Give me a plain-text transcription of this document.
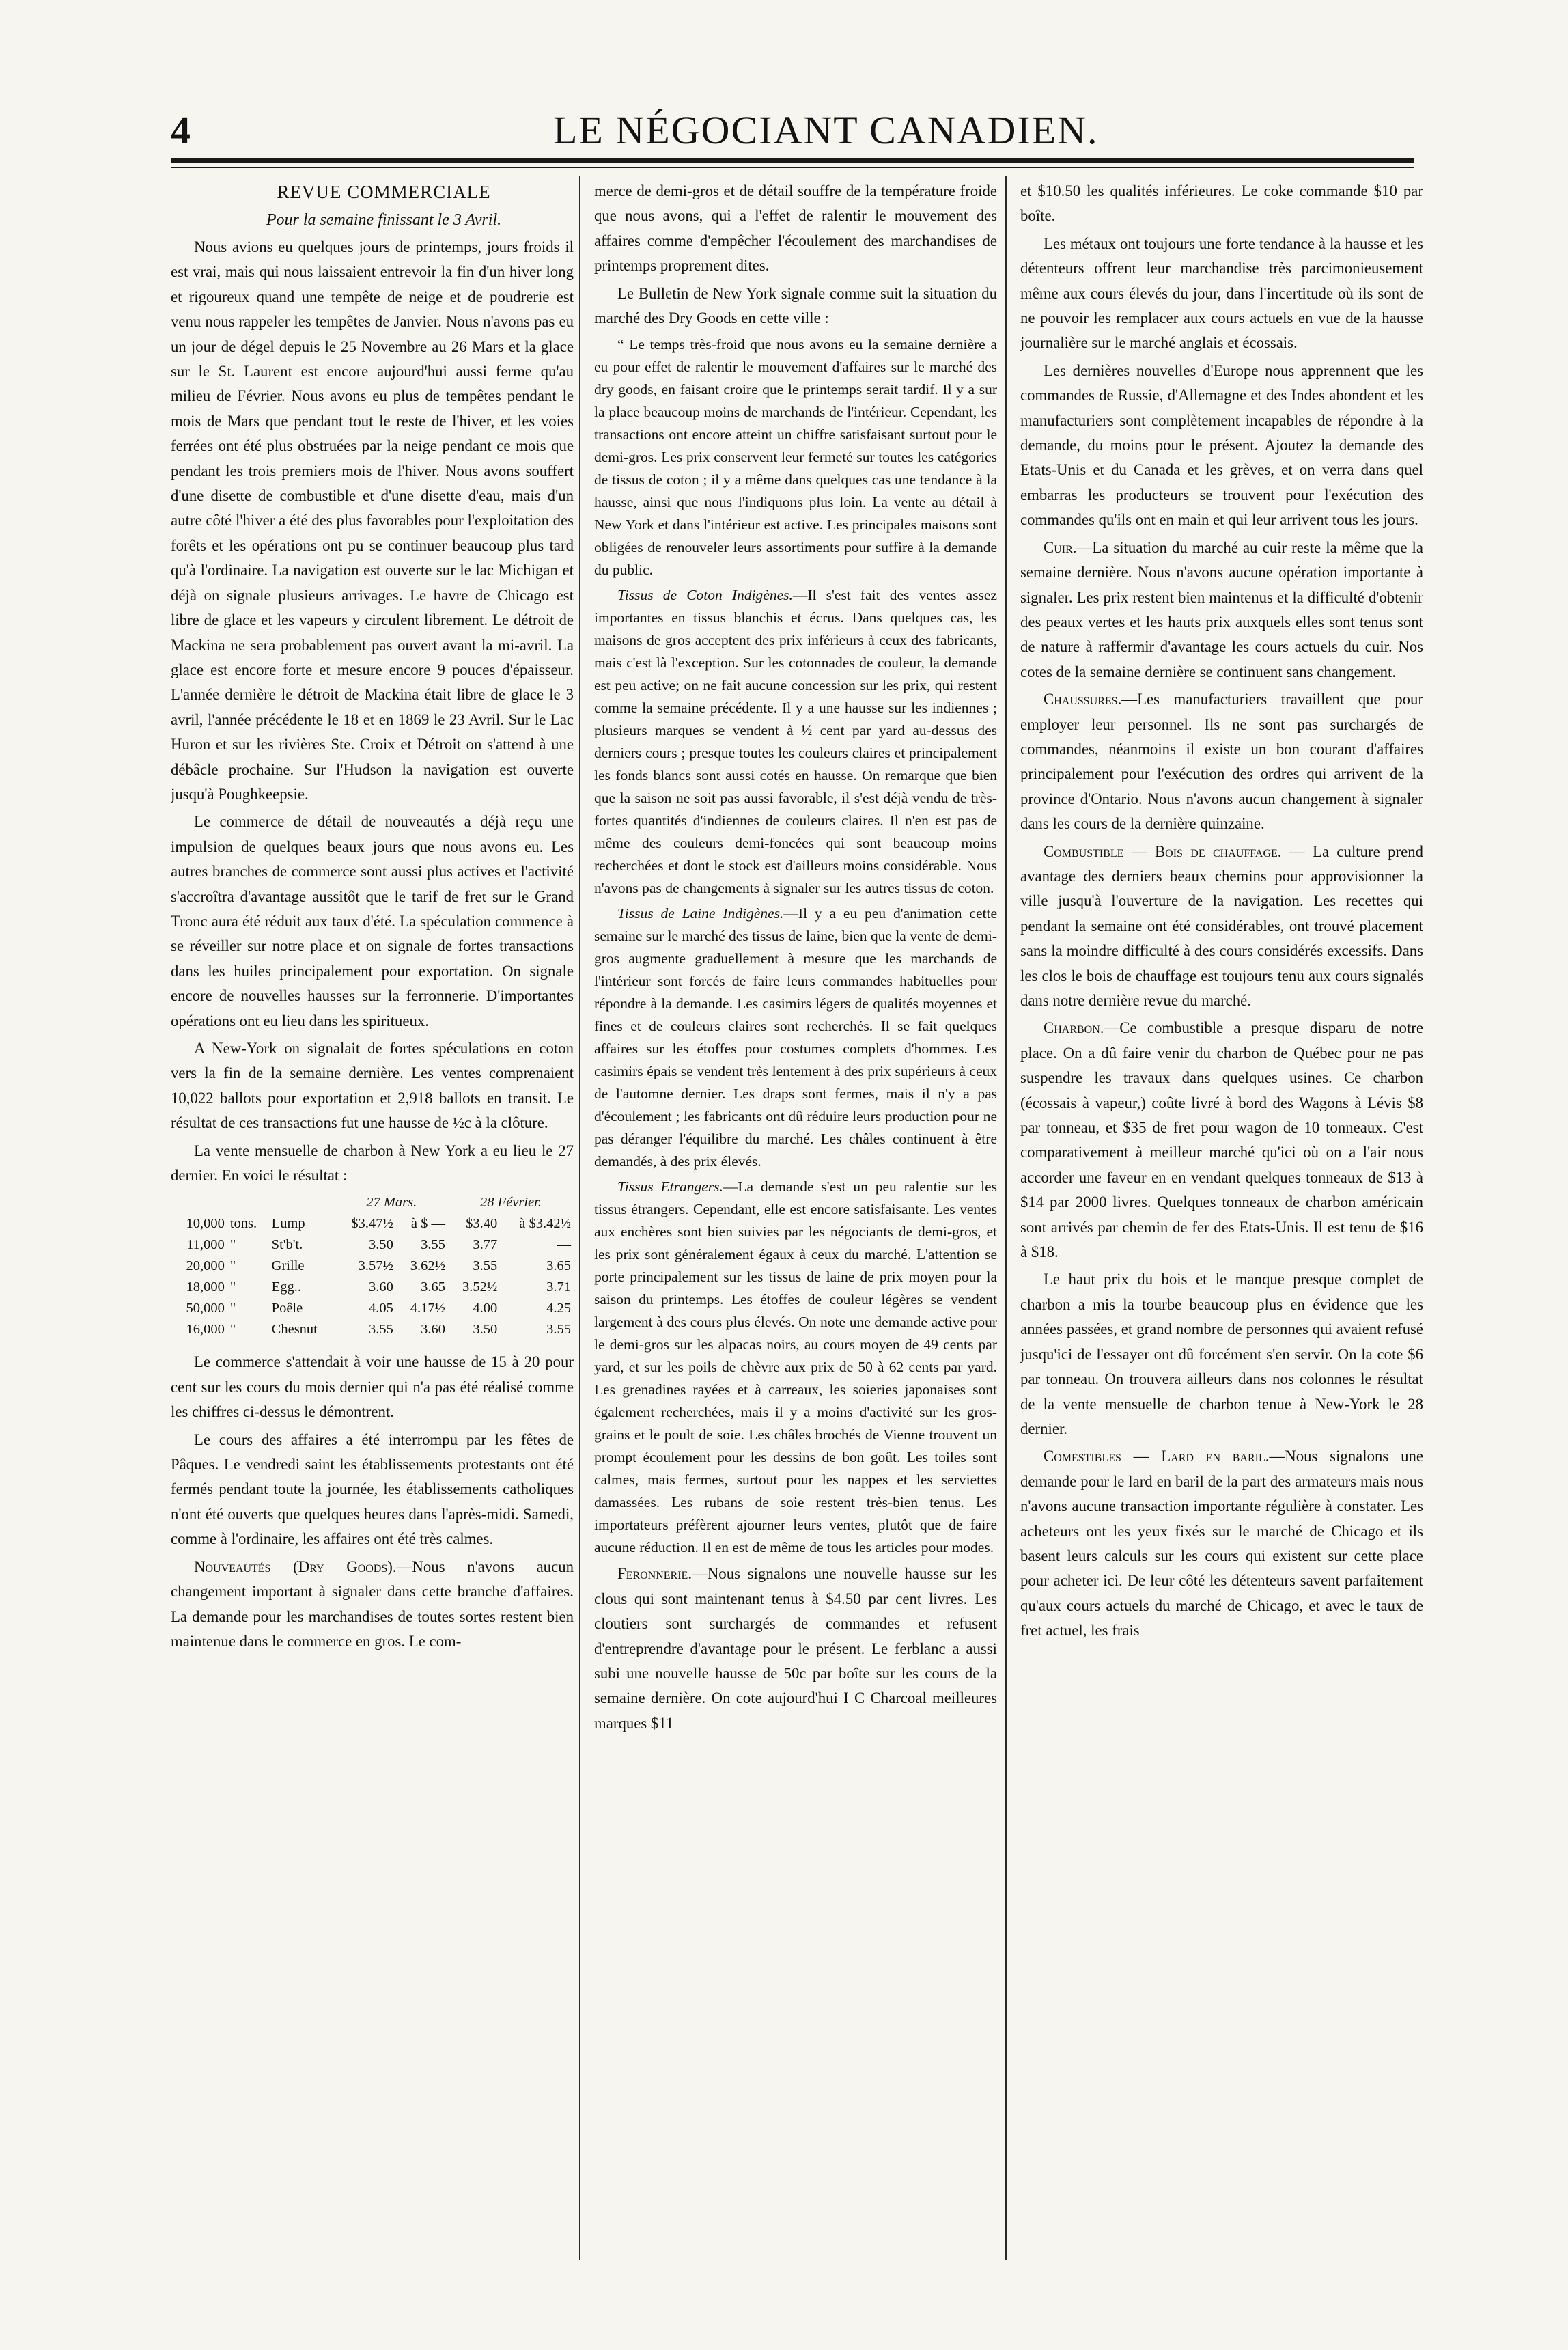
4	LE NÉGOCIANT CANADIEN.

REVUE COMMERCIALE

Pour la semaine finissant le 3 Avril.

Nous avions eu quelques jours de printemps, jours froids il est vrai, mais qui nous laissaient entrevoir la fin d'un hiver long et rigoureux quand une tempête de neige et de poudrerie est venu nous rappeler les tempêtes de Janvier. Nous n'avons pas eu un jour de dégel depuis le 25 Novembre au 26 Mars et la glace sur le St. Laurent est encore aujourd'hui aussi ferme qu'au milieu de Février. Nous avons eu plus de tempêtes pendant le mois de Mars que pendant tout le reste de l'hiver, et les voies ferrées ont été plus obstruées par la neige pendant ce mois que pendant les trois premiers mois de l'hiver. Nous avons souffert d'une disette de combustible et d'une disette d'eau, mais d'un autre côté l'hiver a été des plus favorables pour l'exploitation des forêts et les opérations ont pu se continuer beaucoup plus tard qu'à l'ordinaire. La navigation est ouverte sur le lac Michigan et déjà on signale plusieurs arrivages. Le havre de Chicago est libre de glace et les vapeurs y circulent librement. Le détroit de Mackina ne sera probablement pas ouvert avant la mi-avril. La glace est encore forte et mesure encore 9 pouces d'épaisseur. L'année dernière le détroit de Mackina était libre de glace le 3 avril, l'année précédente le 18 et en 1869 le 23 Avril. Sur le Lac Huron et sur les rivières Ste. Croix et Détroit on s'attend à une débâcle prochaine. Sur l'Hudson la navigation est ouverte jusqu'à Poughkeepsie.

Le commerce de détail de nouveautés a déjà reçu une impulsion de quelques beaux jours que nous avons eu. Les autres branches de commerce sont aussi plus actives et l'activité s'accroîtra d'avantage aussitôt que le tarif de fret sur le Grand Tronc aura été réduit aux taux d'été. La spéculation commence à se réveiller sur notre place et on signale de fortes transactions dans les huiles principalement pour exportation. On signale encore de nouvelles hausses sur la ferronnerie. D'importantes opérations ont eu lieu dans les spiritueux.

A New-York on signalait de fortes spéculations en coton vers la fin de la semaine dernière. Les ventes comprenaient 10,022 ballots pour exportation et 2,918 ballots en transit. Le résultat de ces transactions fut une hausse de ½c à la clôture.

La vente mensuelle de charbon à New York a eu lieu le 27 dernier. En voici le résultat :

			27 Mars.		28 Février.	
10,000	tons.	Lump	$3.47½	à $ —	$3.40	à $3.42½
11,000	"	St'b't.	3.50	3.55	3.77	—
20,000	"	Grille	3.57½	3.62½	3.55	3.65
18,000	"	Egg..	3.60	3.65	3.52½	3.71
50,000	"	Poêle	4.05	4.17½	4.00	4.25
16,000	"	Chesnut	3.55	3.60	3.50	3.55

Le commerce s'attendait à voir une hausse de 15 à 20 pour cent sur les cours du mois dernier qui n'a pas été réalisé comme les chiffres ci-dessus le démontrent.

Le cours des affaires a été interrompu par les fêtes de Pâques. Le vendredi saint les établissements protestants ont été fermés pendant toute la journée, les établissements catholiques n'ont été ouverts que quelques heures dans l'après-midi. Samedi, comme à l'ordinaire, les affaires ont été très calmes.

Nouveautés (Dry Goods).—Nous n'avons aucun changement important à signaler dans cette branche d'affaires. La demande pour les marchandises de toutes sortes restent bien maintenue dans le commerce en gros. Le com-

merce de demi-gros et de détail souffre de la température froide que nous avons, qui a l'effet de ralentir le mouvement des affaires comme d'empêcher l'écoulement des marchandises de printemps proprement dites.

Le Bulletin de New York signale comme suit la situation du marché des Dry Goods en cette ville :

“ Le temps très-froid que nous avons eu la semaine dernière a eu pour effet de ralentir le mouvement d'affaires sur le marché des dry goods, en faisant croire que le printemps serait tardif. Il y a sur la place beaucoup moins de marchands de l'intérieur. Cependant, les transactions ont encore atteint un chiffre satisfaisant surtout pour le demi-gros. Les prix conservent leur fermeté sur toutes les catégories de tissus de coton ; il y a même dans quelques cas une tendance à la hausse, ainsi que nous l'indiquons plus loin. La vente au détail à New York et dans l'intérieur est active. Les principales maisons sont obligées de renouveler leurs assortiments pour suffire à la demande du public.

Tissus de Coton Indigènes.—Il s'est fait des ventes assez importantes en tissus blanchis et écrus. Dans quelques cas, les maisons de gros acceptent des prix inférieurs à ceux des fabricants, mais c'est là l'exception. Sur les cotonnades de couleur, la demande est peu active; on ne fait aucune concession sur les prix, qui restent comme la semaine précédente. Il y a une hausse sur les indiennes ; plusieurs marques se vendent à ½ cent par yard au-dessus des derniers cours ; presque toutes les couleurs claires et principalement les fonds blancs sont aussi cotés en hausse. On remarque que bien que la saison ne soit pas aussi favorable, il s'est déjà vendu de très-fortes quantités d'indiennes de couleurs claires. Il n'en est pas de même des couleurs demi-foncées qui sont beaucoup moins recherchées et dont le stock est d'ailleurs moins considérable. Nous n'avons pas de changements à signaler sur les autres tissus de coton.

Tissus de Laine Indigènes.—Il y a eu peu d'animation cette semaine sur le marché des tissus de laine, bien que la vente de demi-gros augmente graduellement à mesure que les marchands de l'intérieur sont forcés de faire leurs commandes habituelles pour répondre à la demande. Les casimirs légers de qualités moyennes et fines et de couleurs claires sont recherchés. Il se fait quelques affaires sur les étoffes pour costumes complets d'hommes. Les casimirs épais se vendent très lentement à des prix supérieurs à ceux de l'automne dernier. Les draps sont fermes, mais il n'y a pas d'écoulement ; les fabricants ont dû réduire leurs production pour ne pas déranger l'équilibre du marché. Les châles continuent à être demandés, à des prix élevés.

Tissus Etrangers.—La demande s'est un peu ralentie sur les tissus étrangers. Cependant, elle est encore satisfaisante. Les ventes aux enchères sont bien suivies par les négociants de demi-gros, et les prix sont généralement égaux à ceux du marché. L'attention se porte principalement sur les tissus de laine de prix moyen pour la saison du printemps. Les étoffes de couleur légères se vendent largement à des cours plus élevés. On note une demande active pour le demi-gros sur les alpacas noirs, au cours moyen de 49 cents par yard, et sur les poils de chèvre aux prix de 50 à 62 cents par yard. Les grenadines rayées et à carreaux, les soieries japonaises sont également recherchées, mais il y a moins d'activité sur les gros-grains et le poult de soie. Les châles brochés de Vienne trouvent un prompt écoulement pour les dessins de bon goût. Les toiles sont calmes, mais fermes, surtout pour les nappes et les serviettes damassées. Les rubans de soie restent très-bien tenus. Les importateurs préfèrent ajourner leurs ventes, plutôt que de faire aucune réduction. Il en est de même de tous les articles pour modes.

Feronnerie.—Nous signalons une nouvelle hausse sur les clous qui sont maintenant tenus à $4.50 par cent livres. Les cloutiers sont surchargés de commandes et refusent d'entreprendre d'avantage pour le présent. Le ferblanc a aussi subi une nouvelle hausse de 50c par boîte sur les cours de la semaine dernière. On cote aujourd'hui I C Charcoal meilleures marques $11

et $10.50 les qualités inférieures. Le coke commande $10 par boîte.

Les métaux ont toujours une forte tendance à la hausse et les détenteurs offrent leur marchandise très parcimonieusement même aux cours élevés du jour, dans l'incertitude où ils sont de ne pouvoir les remplacer aux cours actuels en vue de la hausse journalière sur le marché anglais et écossais.

Les dernières nouvelles d'Europe nous apprennent que les commandes de Russie, d'Allemagne et des Indes abondent et les manufacturiers sont complètement incapables de répondre à la demande, du moins pour le présent. Ajoutez la demande des Etats-Unis et du Canada et les grèves, et on verra dans quel embarras les producteurs se trouvent pour l'exécution des commandes qu'ils ont en main et qui leur arrivent tous les jours.

Cuir.—La situation du marché au cuir reste la même que la semaine dernière. Nous n'avons aucune opération importante à signaler. Les prix restent bien maintenus et la difficulté d'obtenir des peaux vertes et les hauts prix auxquels elles sont tenus sont de nature à raffermir d'avantage les cours actuels du cuir. Nos cotes de la semaine dernière se continuent sans changement.

Chaussures.—Les manufacturiers travaillent que pour employer leur personnel. Ils ne sont pas surchargés de commandes, néanmoins il existe un bon courant d'affaires principalement pour l'exécution des ordres qui arrivent de la province d'Ontario. Nous n'avons aucun changement à signaler dans les cours de la dernière quinzaine.

Combustible — Bois de chauffage. — La culture prend avantage des derniers beaux chemins pour approvisionner la ville jusqu'à l'ouverture de la navigation. Les recettes qui pendant la semaine ont été considérables, ont trouvé placement sans la moindre difficulté à des cours considérés excessifs. Dans les clos le bois de chauffage est toujours tenu aux cours signalés dans notre dernière revue du marché.

Charbon.—Ce combustible a presque disparu de notre place. On a dû faire venir du charbon de Québec pour ne pas suspendre les travaux dans quelques usines. Ce charbon (écossais à vapeur,) coûte livré à bord des Wagons à Lévis $8 par tonneau, et $35 de fret pour wagon de 10 tonneaux. C'est comparativement à meilleur marché qu'ici où on a l'air nous accorder une faveur en en vendant quelques tonneaux de $13 à $14 par 2000 livres. Quelques tonneaux de charbon américain sont arrivés par chemin de fer des Etats-Unis. Il est tenu de $16 à $18.

Le haut prix du bois et le manque presque complet de charbon a mis la tourbe beaucoup plus en évidence que les années passées, et grand nombre de personnes qui avaient refusé jusqu'ici de l'essayer ont dû forcément s'en servir. On la cote $6 par tonneau. On trouvera ailleurs dans nos colonnes le résultat de la vente mensuelle de charbon tenue à New-York le 28 dernier.

Comestibles — Lard en baril.—Nous signalons une demande pour le lard en baril de la part des armateurs mais nous n'avons aucune transaction importante régulière à constater. Les acheteurs ont les yeux fixés sur le marché de Chicago et ils basent leurs calculs sur les cours qui existent sur cette place pour acheter ici. De leur côté les détenteurs savent parfaitement qu'aux cours actuels du marché de Chicago, et avec le taux de fret actuel, les frais
